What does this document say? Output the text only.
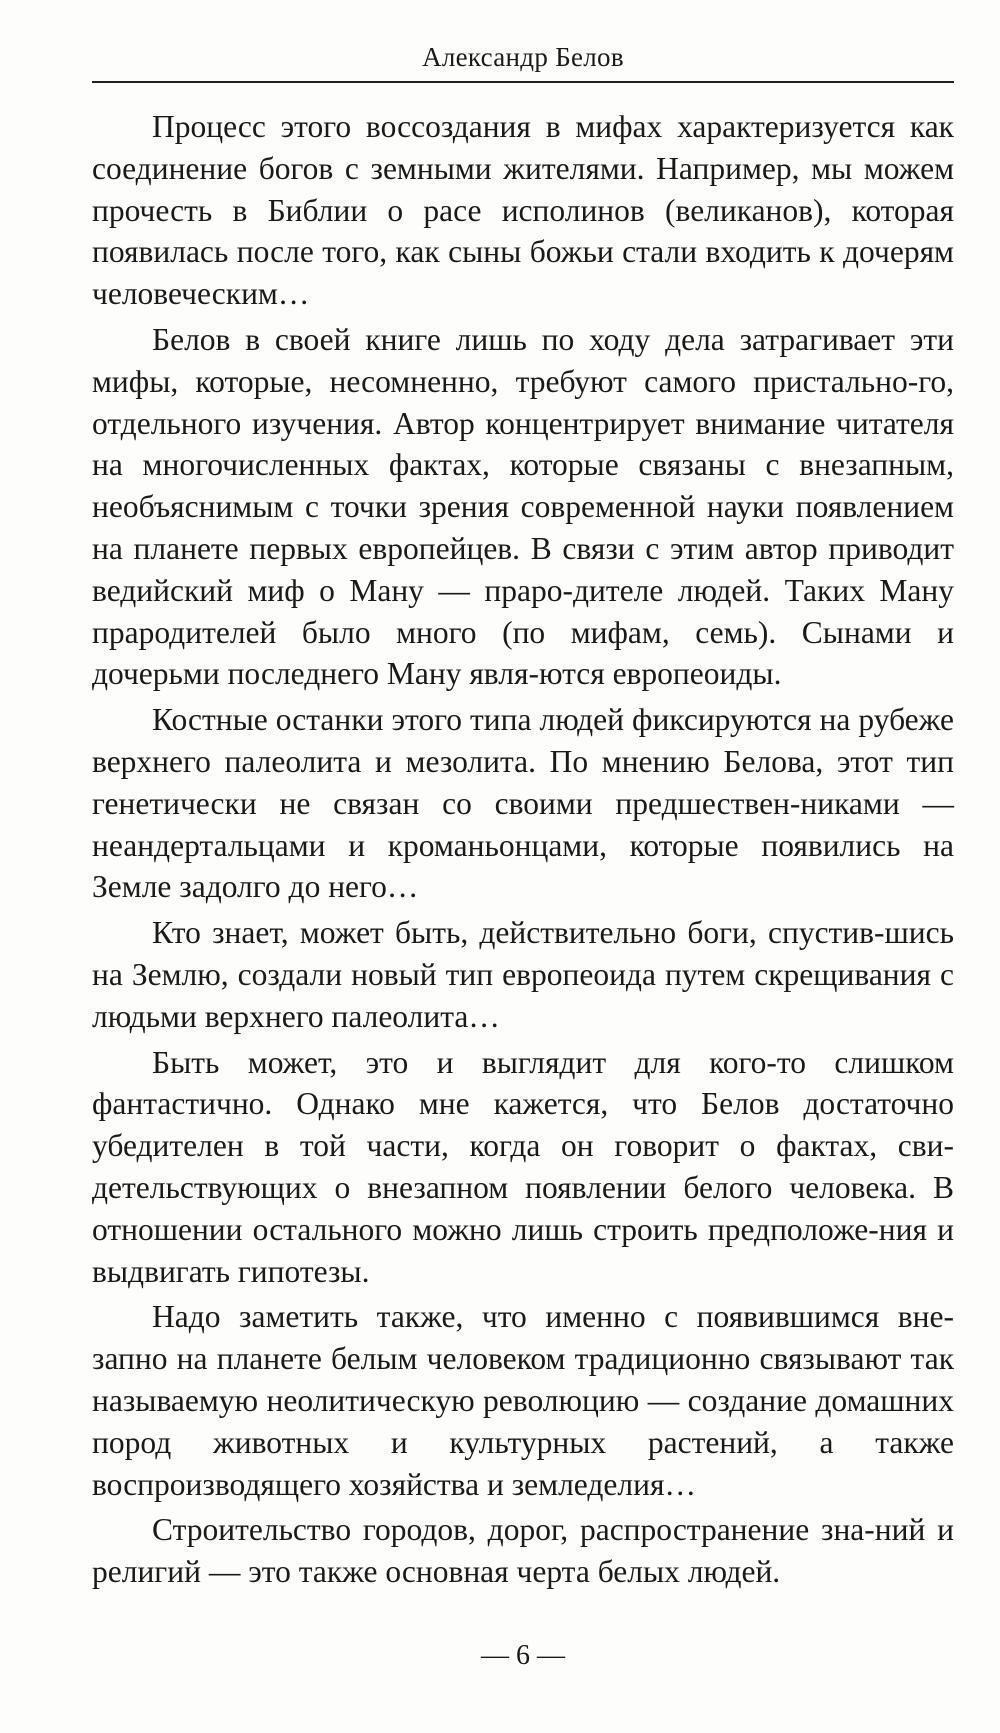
Александр Белов

Процесс этого воссоздания в мифах характеризуется как соединение богов с земными жителями. Например, мы можем прочесть в Библии о расе исполинов (великанов), которая появилась после того, как сыны божьи стали входить к дочерям человеческим…

Белов в своей книге лишь по ходу дела затрагивает эти мифы, которые, несомненно, требуют самого пристально-го, отдельного изучения. Автор концентрирует внимание читателя на многочисленных фактах, которые связаны с внезапным, необъяснимым с точки зрения современной науки появлением на планете первых европейцев. В связи с этим автор приводит ведийский миф о Ману — праро-дителе людей. Таких Ману прародителей было много (по мифам, семь). Сынами и дочерьми последнего Ману явля-ются европеоиды.

Костные останки этого типа людей фиксируются на рубеже верхнего палеолита и мезолита. По мнению Белова, этот тип генетически не связан со своими предшествен-никами — неандертальцами и кроманьонцами, которые появились на Земле задолго до него…

Кто знает, может быть, действительно боги, спустив-шись на Землю, создали новый тип европеоида путем скрещивания с людьми верхнего палеолита…

Быть может, это и выглядит для кого-то слишком фантастично. Однако мне кажется, что Белов достаточно убедителен в той части, когда он говорит о фактах, сви-детельствующих о внезапном появлении белого человека. В отношении остального можно лишь строить предположе-ния и выдвигать гипотезы.

Надо заметить также, что именно с появившимся вне-запно на планете белым человеком традиционно связывают так называемую неолитическую революцию — создание домашних пород животных и культурных растений, а также воспроизводящего хозяйства и земледелия…

Строительство городов, дорог, распространение зна-ний и религий — это также основная черта белых людей.

— 6 —
